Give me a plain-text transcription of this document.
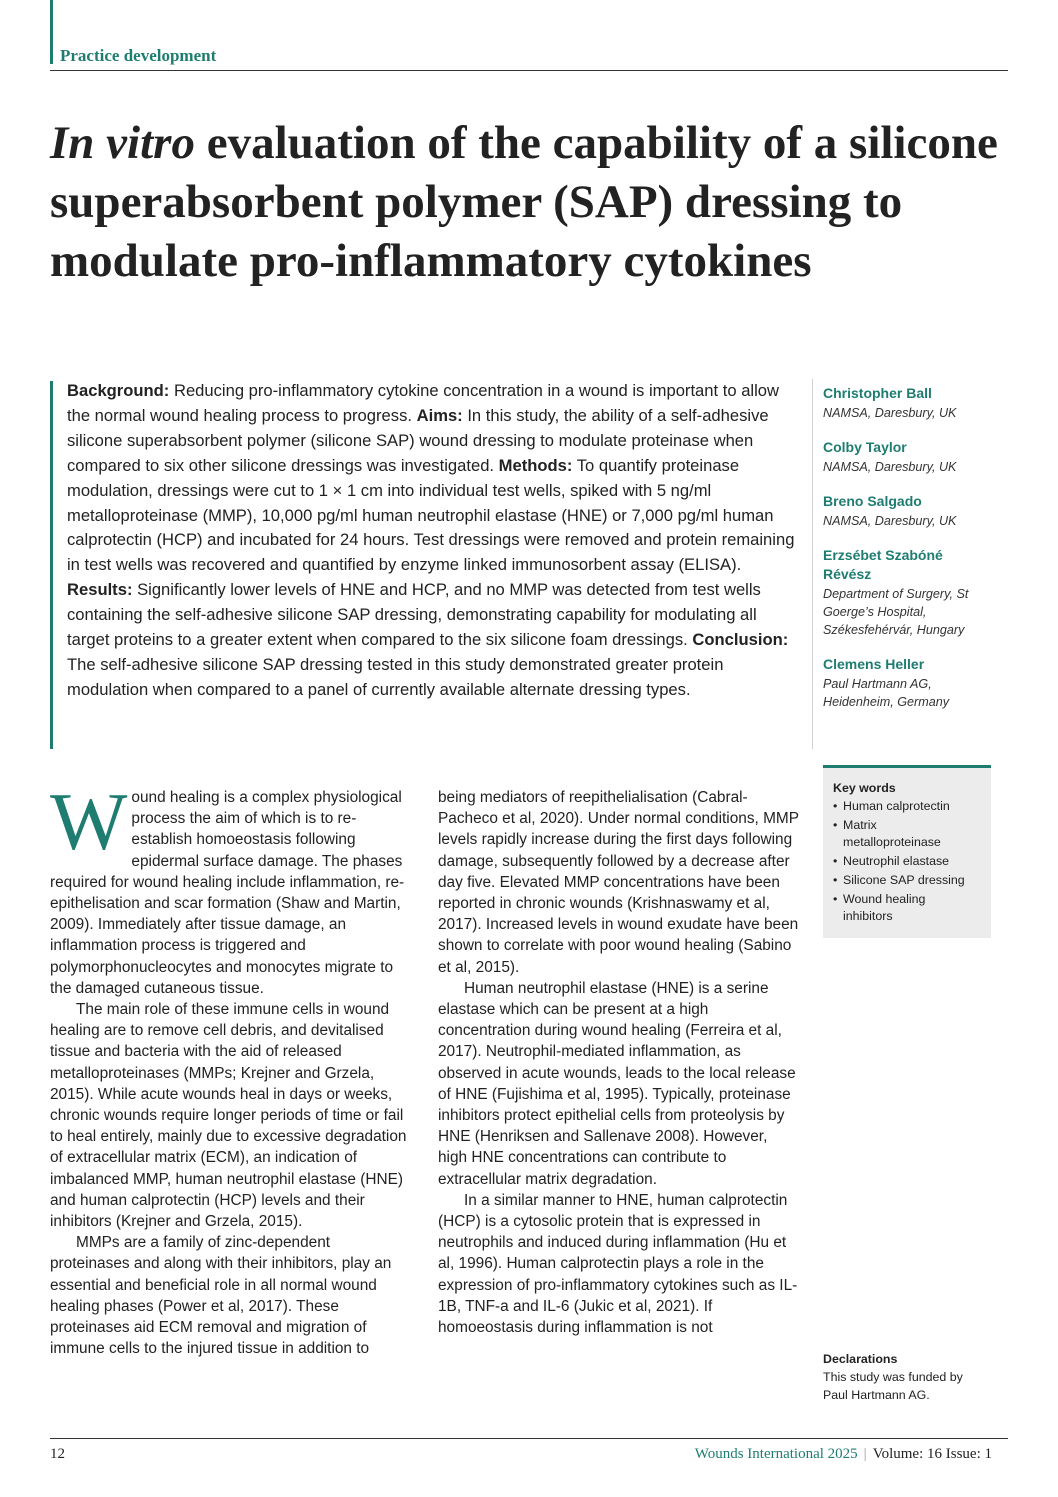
Practice development
In vitro evaluation of the capability of a silicone superabsorbent polymer (SAP) dressing to modulate pro-inflammatory cytokines

Background: Reducing pro-inflammatory cytokine concentration in a wound is important to allow the normal wound healing process to progress. Aims: In this study, the ability of a self-adhesive silicone superabsorbent polymer (silicone SAP) wound dressing to modulate proteinase when compared to six other silicone dressings was investigated. Methods: To quantify proteinase modulation, dressings were cut to 1 × 1 cm into individual test wells, spiked with 5 ng/ml metalloproteinase (MMP), 10,000 pg/ml human neutrophil elastase (HNE) or 7,000 pg/ml human calprotectin (HCP) and incubated for 24 hours. Test dressings were removed and protein remaining in test wells was recovered and quantified by enzyme linked immunosorbent assay (ELISA). Results: Significantly lower levels of HNE and HCP, and no MMP was detected from test wells containing the self-adhesive silicone SAP dressing, demonstrating capability for modulating all target proteins to a greater extent when compared to the six silicone foam dressings. Conclusion: The self-adhesive silicone SAP dressing tested in this study demonstrated greater protein modulation when compared to a panel of currently available alternate dressing types.

Christopher Ball
NAMSA, Daresbury, UK
Colby Taylor
NAMSA, Daresbury, UK
Breno Salgado
NAMSA, Daresbury, UK
Erzsébet Szabóné Révész
Department of Surgery, St Goerge’s Hospital, Székesfehérvár, Hungary
Clemens Heller
Paul Hartmann AG, Heidenheim, Germany

Wound healing is a complex physiological process the aim of which is to re-establish homoeostasis following epidermal surface damage. The phases required for wound healing include inflammation, re-epithelisation and scar formation (Shaw and Martin, 2009). Immediately after tissue damage, an inflammation process is triggered and polymorphonucleocytes and monocytes migrate to the damaged cutaneous tissue.

The main role of these immune cells in wound healing are to remove cell debris, and devitalised tissue and bacteria with the aid of released metalloproteinases (MMPs; Krejner and Grzela, 2015). While acute wounds heal in days or weeks, chronic wounds require longer periods of time or fail to heal entirely, mainly due to excessive degradation of extracellular matrix (ECM), an indication of imbalanced MMP, human neutrophil elastase (HNE) and human calprotectin (HCP) levels and their inhibitors (Krejner and Grzela, 2015).

MMPs are a family of zinc-dependent proteinases and along with their inhibitors, play an essential and beneficial role in all normal wound healing phases (Power et al, 2017). These proteinases aid ECM removal and migration of immune cells to the injured tissue in addition to

being mediators of reepithelialisation (Cabral-Pacheco et al, 2020). Under normal conditions, MMP levels rapidly increase during the first days following damage, subsequently followed by a decrease after day five. Elevated MMP concentrations have been reported in chronic wounds (Krishnaswamy et al, 2017). Increased levels in wound exudate have been shown to correlate with poor wound healing (Sabino et al, 2015).

Human neutrophil elastase (HNE) is a serine elastase which can be present at a high concentration during wound healing (Ferreira et al, 2017). Neutrophil-mediated inflammation, as observed in acute wounds, leads to the local release of HNE (Fujishima et al, 1995). Typically, proteinase inhibitors protect epithelial cells from proteolysis by HNE (Henriksen and Sallenave 2008). However, high HNE concentrations can contribute to extracellular matrix degradation.

In a similar manner to HNE, human calprotectin (HCP) is a cytosolic protein that is expressed in neutrophils and induced during inflammation (Hu et al, 1996). Human calprotectin plays a role in the expression of pro-inflammatory cytokines such as IL-1B, TNF-a and IL-6 (Jukic et al, 2021). If homoeostasis during inflammation is not

Key words
• Human calprotectin
• Matrix metalloproteinase
• Neutrophil elastase
• Silicone SAP dressing
• Wound healing inhibitors
Declarations
This study was funded by Paul Hartmann AG.
12	Wounds International 2025 | Volume: 16 Issue: 1
